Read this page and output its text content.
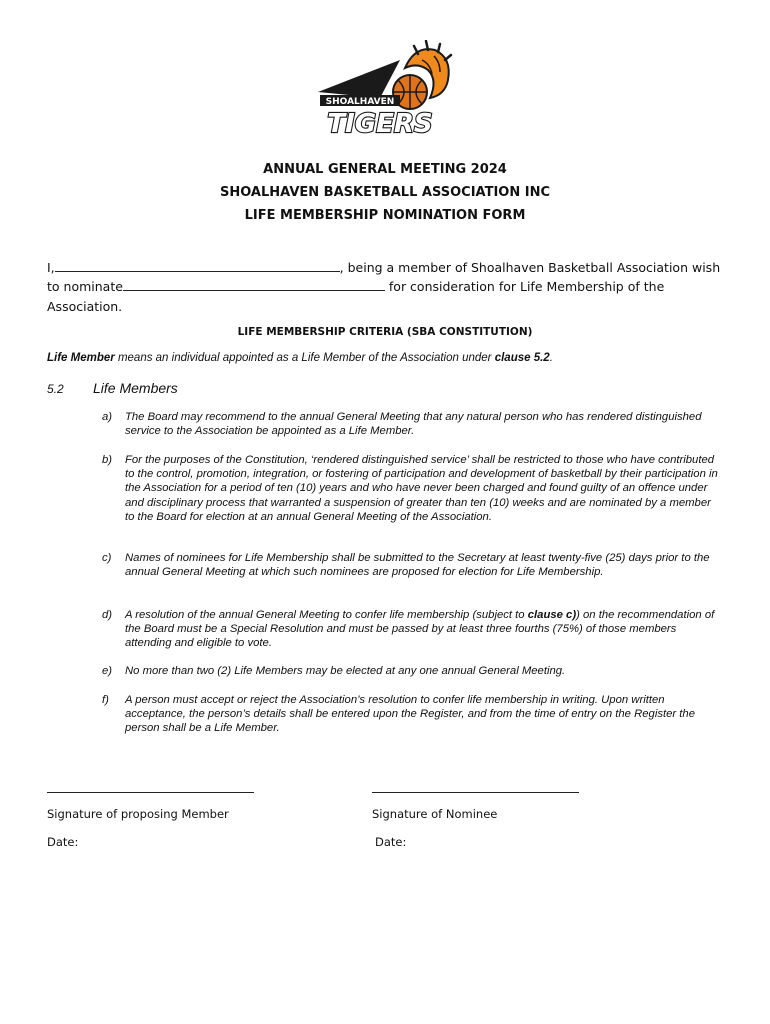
SHOALHAVEN
TIGERS
ANNUAL GENERAL MEETING 2024
SHOALHAVEN BASKETBALL ASSOCIATION INC
LIFE MEMBERSHIP NOMINATION FORM
I,	, being a member of Shoalhaven Basketball Association wish
to nominate	for consideration for Life Membership of the
Association.
LIFE MEMBERSHIP CRITERIA (SBA CONSTITUTION)
Life Member means an individual appointed as a Life Member of the Association under clause 5.2.
5.2 Life Members
a) The Board may recommend to the annual General Meeting that any natural person who has rendered distinguished service to the Association be appointed as a Life Member.
b) For the purposes of the Constitution, ‘rendered distinguished service’ shall be restricted to those who have contributed to the control, promotion, integration, or fostering of participation and development of basketball by their participation in the Association for a period of ten (10) years and who have never been charged and found guilty of an offence under and disciplinary process that warranted a suspension of greater than ten (10) weeks and are nominated by a member to the Board for election at an annual General Meeting of the Association.
c) Names of nominees for Life Membership shall be submitted to the Secretary at least twenty-five (25) days prior to the annual General Meeting at which such nominees are proposed for election for Life Membership.
d) A resolution of the annual General Meeting to confer life membership (subject to clause c)) on the recommendation of the Board must be a Special Resolution and must be passed by at least three fourths (75%) of those members attending and eligible to vote.
e) No more than two (2) Life Members may be elected at any one annual General Meeting.
f) A person must accept or reject the Association’s resolution to confer life membership in writing. Upon written acceptance, the person’s details shall be entered upon the Register, and from the time of entry on the Register the person shall be a Life Member.
Signature of proposing Member	Signature of Nominee
Date:	Date:
